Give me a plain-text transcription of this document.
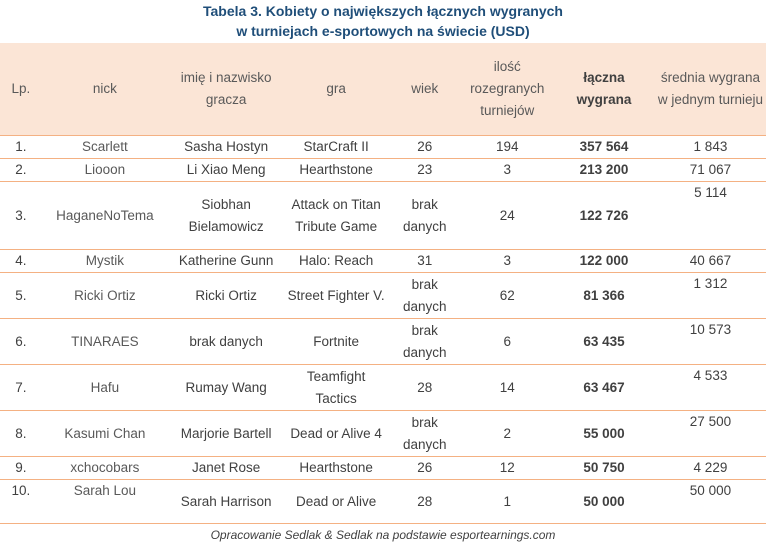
Tabela 3. Kobiety o największych łącznych wygranych
w turniejach e-sportowych na świecie (USD)
Lp.	nick	imię i nazwisko gracza	gra	wiek	ilość rozegranych turniejów	łączna wygrana	średnia wygrana w jednym turnieju
1.	Scarlett	Sasha Hostyn	StarCraft II	26	194	357 564	1 843
2.	Liooon	Li Xiao Meng	Hearthstone	23	3	213 200	71 067
3.	HaganeNoTema	Siobhan Bielamowicz	Attack on Titan Tribute Game	brak danych	24	122 726	5 114
4.	Mystik	Katherine Gunn	Halo: Reach	31	3	122 000	40 667
5.	Ricki Ortiz	Ricki Ortiz	Street Fighter V.	brak danych	62	81 366	1 312
6.	TINARAES	brak danych	Fortnite	brak danych	6	63 435	10 573
7.	Hafu	Rumay Wang	Teamfight Tactics	28	14	63 467	4 533
8.	Kasumi Chan	Marjorie Bartell	Dead or Alive 4	brak danych	2	55 000	27 500
9.	xchocobars	Janet Rose	Hearthstone	26	12	50 750	4 229
10.	Sarah Lou	Sarah Harrison	Dead or Alive	28	1	50 000	50 000
Opracowanie Sedlak & Sedlak na podstawie esportearnings.com
